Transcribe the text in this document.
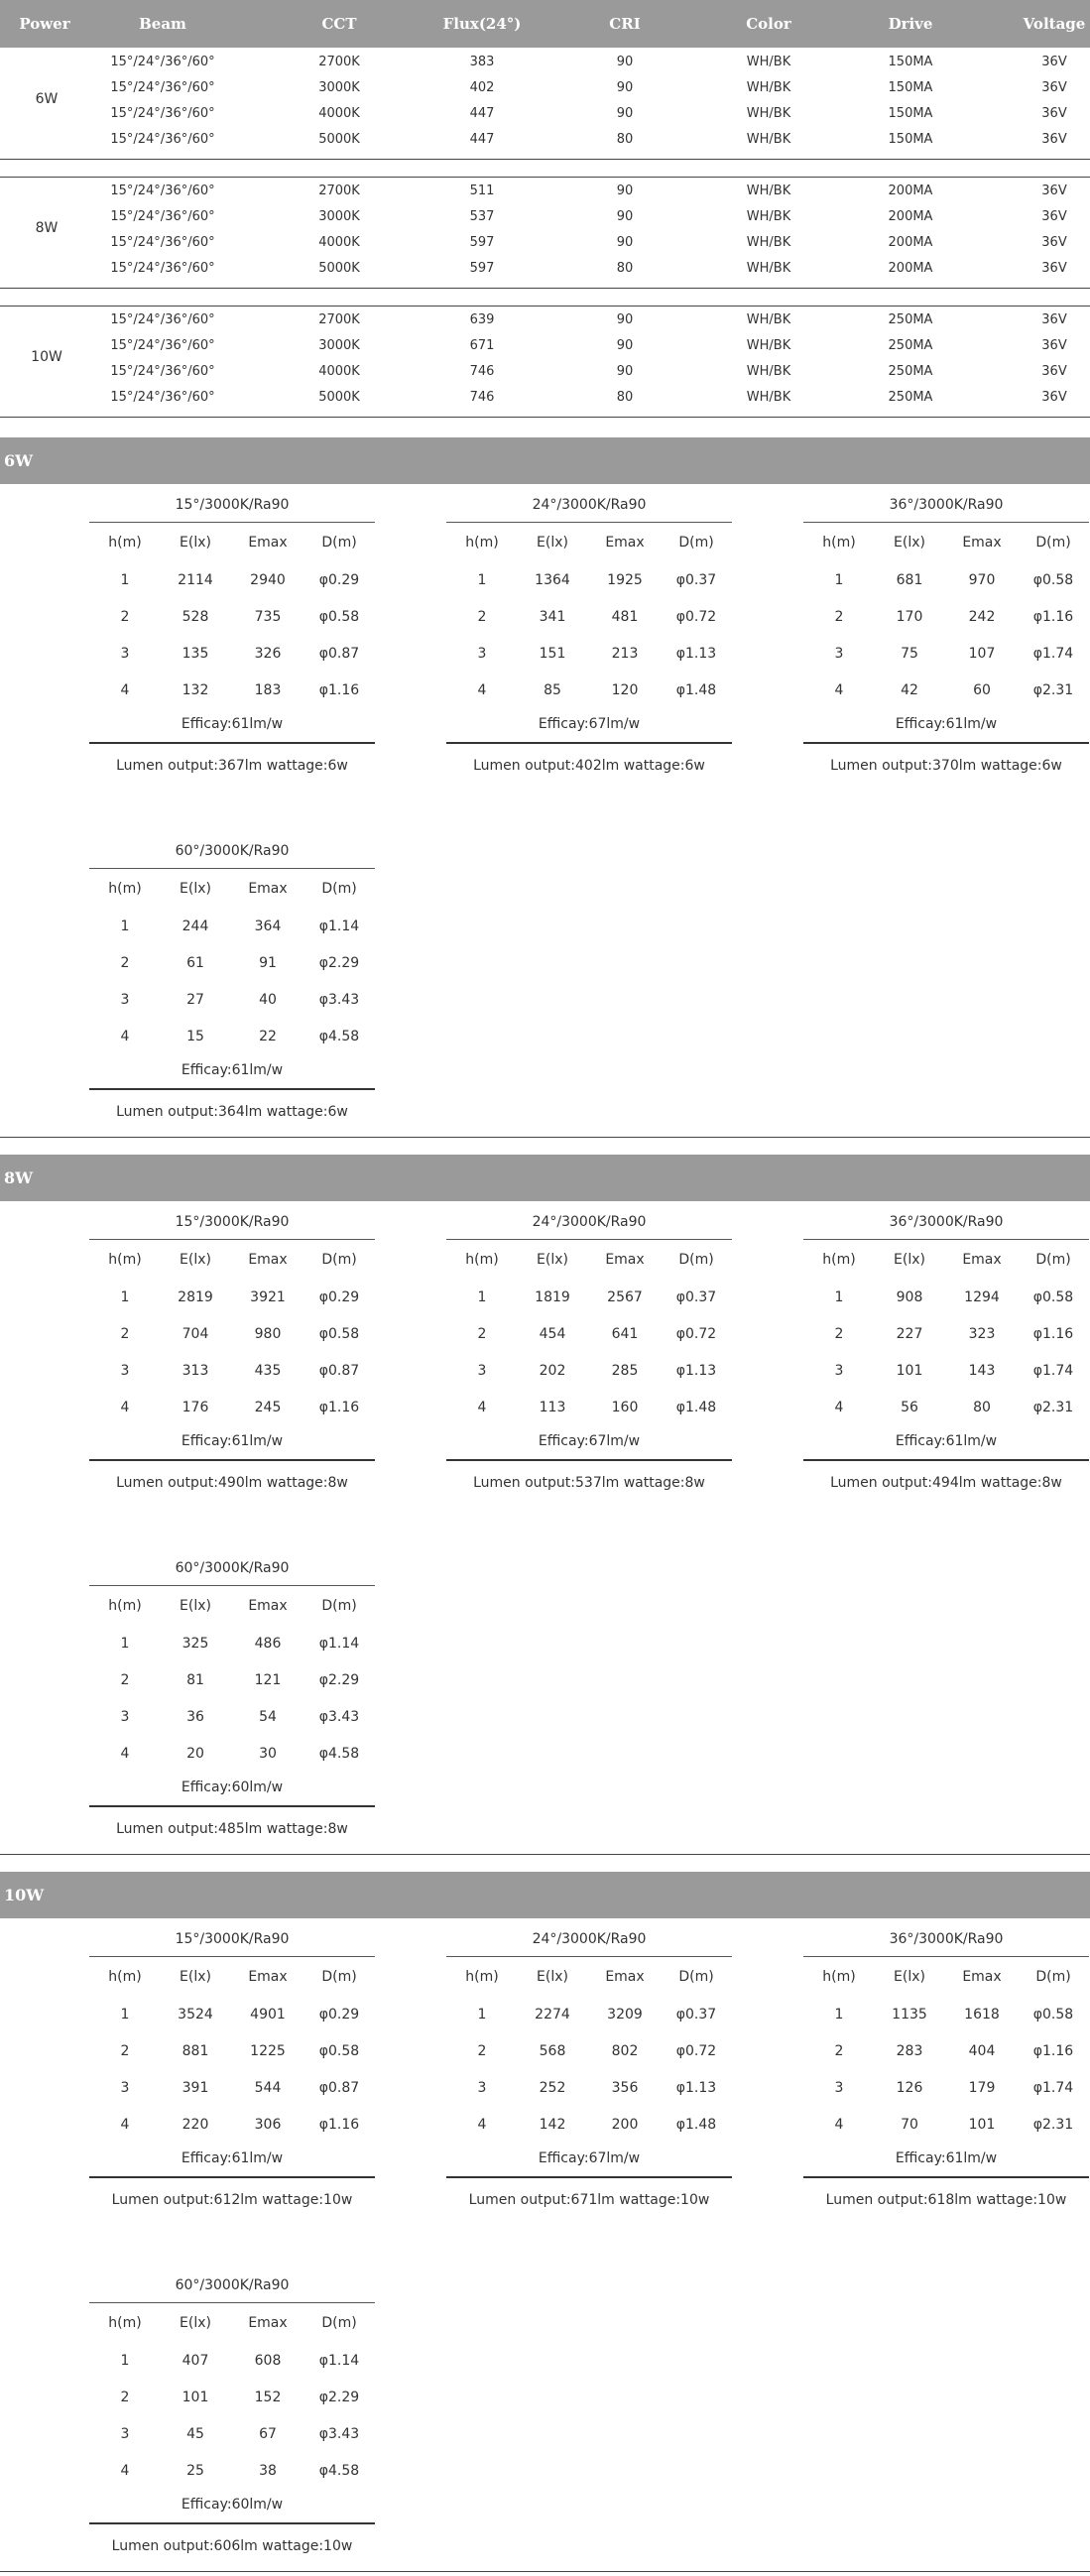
Power	Beam	CCT	Flux(24°)	CRI	Color	Drive	Voltage
6W
15°/24°/36°/60°	2700K	383	90	WH/BK	150MA	36V
15°/24°/36°/60°	3000K	402	90	WH/BK	150MA	36V
15°/24°/36°/60°	4000K	447	90	WH/BK	150MA	36V
15°/24°/36°/60°	5000K	447	80	WH/BK	150MA	36V
8W
15°/24°/36°/60°	2700K	511	90	WH/BK	200MA	36V
15°/24°/36°/60°	3000K	537	90	WH/BK	200MA	36V
15°/24°/36°/60°	4000K	597	90	WH/BK	200MA	36V
15°/24°/36°/60°	5000K	597	80	WH/BK	200MA	36V
10W
15°/24°/36°/60°	2700K	639	90	WH/BK	250MA	36V
15°/24°/36°/60°	3000K	671	90	WH/BK	250MA	36V
15°/24°/36°/60°	4000K	746	90	WH/BK	250MA	36V
15°/24°/36°/60°	5000K	746	80	WH/BK	250MA	36V
6W
15°/3000K/Ra90
h(m)	E(lx)	Emax D(m)
1	2114	2940 φ0.29
2	528	735	φ0.58
3	135	326	φ0.87
4	132	183	φ1.16
Efficay:61lm/w
Lumen output:367lm wattage:6w
24°/3000K/Ra90
h(m)	E(lx)	Emax D(m)
1	1364	1925 φ0.37
2	341	481	φ0.72
3	151	213	φ1.13
4	85	120	φ1.48
Efficay:67lm/w
Lumen output:402lm wattage:6w
36°/3000K/Ra90
h(m)	E(lx)	Emax D(m)
1	681	970	φ0.58
2	170	242	φ1.16
3	75	107	φ1.74
4	42	60	φ2.31
Efficay:61lm/w
Lumen output:370lm wattage:6w
60°/3000K/Ra90
h(m)	E(lx)	Emax D(m)
1	244	364	φ1.14
2	61	91	φ2.29
3	27	40	φ3.43
4	15	22	φ4.58
Efficay:61lm/w
Lumen output:364lm wattage:6w
8W
15°/3000K/Ra90
h(m)	E(lx)	Emax D(m)
1	2819	3921 φ0.29
2	704	980	φ0.58
3	313	435	φ0.87
4	176	245	φ1.16
Efficay:61lm/w
Lumen output:490lm wattage:8w
24°/3000K/Ra90
h(m)	E(lx)	Emax D(m)
1	1819	2567 φ0.37
2	454	641	φ0.72
3	202	285	φ1.13
4	113	160	φ1.48
Efficay:67lm/w
Lumen output:537lm wattage:8w
36°/3000K/Ra90
h(m)	E(lx)	Emax D(m)
1	908	1294 φ0.58
2	227	323	φ1.16
3	101	143	φ1.74
4	56	80	φ2.31
Efficay:61lm/w
Lumen output:494lm wattage:8w
60°/3000K/Ra90
h(m)	E(lx)	Emax D(m)
1	325	486	φ1.14
2	81	121	φ2.29
3	36	54	φ3.43
4	20	30	φ4.58
Efficay:60lm/w
Lumen output:485lm wattage:8w
10W
15°/3000K/Ra90
h(m)	E(lx)	Emax D(m)
1	3524	4901 φ0.29
2	881	1225 φ0.58
3	391	544	φ0.87
4	220	306	φ1.16
Efficay:61lm/w
Lumen output:612lm wattage:10w
24°/3000K/Ra90
h(m)	E(lx)	Emax D(m)
1	2274	3209 φ0.37
2	568	802	φ0.72
3	252	356	φ1.13
4	142	200	φ1.48
Efficay:67lm/w
Lumen output:671lm wattage:10w
36°/3000K/Ra90
h(m)	E(lx)	Emax D(m)
1	1135	1618 φ0.58
2	283	404	φ1.16
3	126	179	φ1.74
4	70	101	φ2.31
Efficay:61lm/w
Lumen output:618lm wattage:10w
60°/3000K/Ra90
h(m)	E(lx)	Emax D(m)
1	407	608	φ1.14
2	101	152	φ2.29
3	45	67	φ3.43
4	25	38	φ4.58
Efficay:60lm/w
Lumen output:606lm wattage:10w
